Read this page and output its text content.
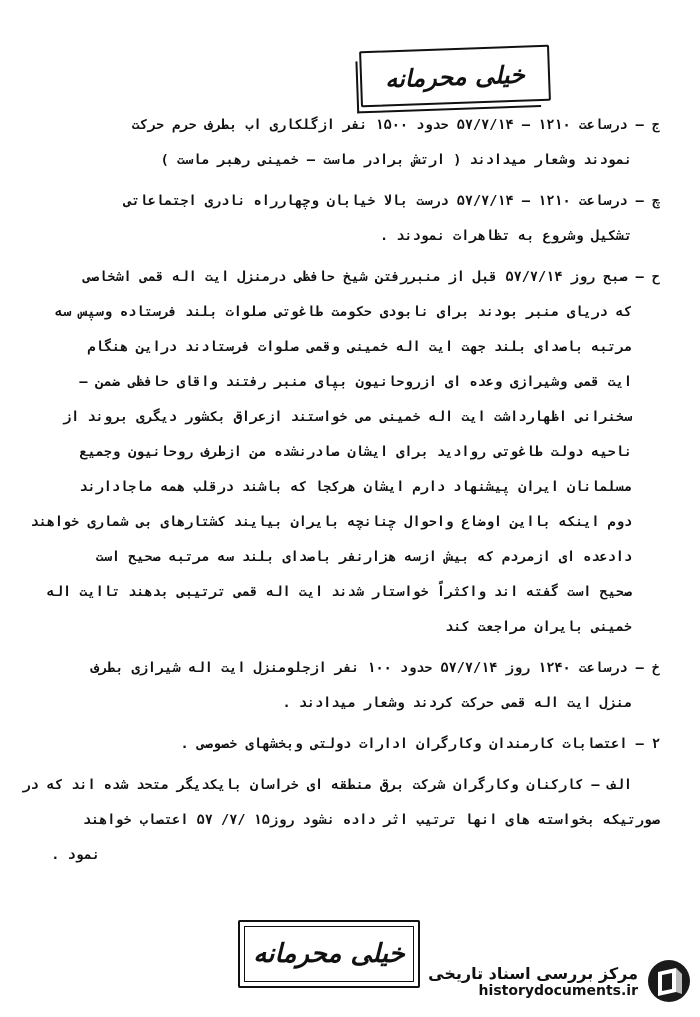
خیلی محرمانه
ج – درساعت ۱۲۱۰ – ۵۷/۷/۱۴ حدود ۱۵۰۰ نفر ازگلکاری اب بطرف حرم حرکت
نمودند وشعار میدادند ( ارتش برادر ماست – خمینی رهبر ماست )
چ – درساعت ۱۲۱۰ – ۵۷/۷/۱۴ درست بالا خیابان وچهارراه نادری اجتماعاتی
تشکیل وشروع به تظاهرات نمودند .
ح – صبح روز ۵۷/۷/۱۴ قبل از منبررفتن شیخ حافظی درمنزل ایت اله قمی اشخاصی
که دریای منبر بودند برای نابودی حکومت طاغوتی صلوات بلند فرستاده وسپس سه
مرتبه باصدای بلند جهت ایت اله خمینی وقمی صلوات فرستادند دراین هنگام
ایت قمی وشیرازی وعده ای ازروحانیون بپای منبر رفتند واقای حافظی ضمن –
سخنرانی اظهارداشت ایت اله خمینی می خواستند ازعراق بکشور دیگری بروند از
ناحیه دولت طاغوتی روادید برای ایشان صادرنشده من ازطرف روحانیون وجمیع
مسلمانان ایران پیشنهاد دارم ایشان هرکجا که باشند درقلب همه ماجادارند
دوم اینکه بااین اوضاع واحوال چنانچه بایران بیایند کشتارهای بی شماری خواهند
دادعده ای ازمردم که بیش ازسه هزارنفر باصدای بلند سه مرتبه صحیح است
صحیح است گفته اند واکثراً خواستار شدند ایت اله قمی ترتیبی بدهند تاایت اله
خمینی بایران مراجعت کند
خ – درساعت ۱۲۴۰ روز ۵۷/۷/۱۴ حدود ۱۰۰ نفر ازجلومنزل ایت اله شیرازی بطرف
منزل ایت اله قمی حرکت کردند وشعار میدادند .
۲ – اعتصابات کارمندان وکارگران ادارات دولتی وبخشهای خصوصی .
الف – کارکنان وکارگران شرکت برق منطقه ای خراسان بایکدیگر متحد شده اند که در
صورتیکه بخواسته های انها ترتیب اثر داده نشود روز۱۵ /۷/ ۵۷ اعتصاب خواهند
نمود .
خیلی محرمانه
مرکز بررسی اسناد تاریخی
historydocuments.ir
